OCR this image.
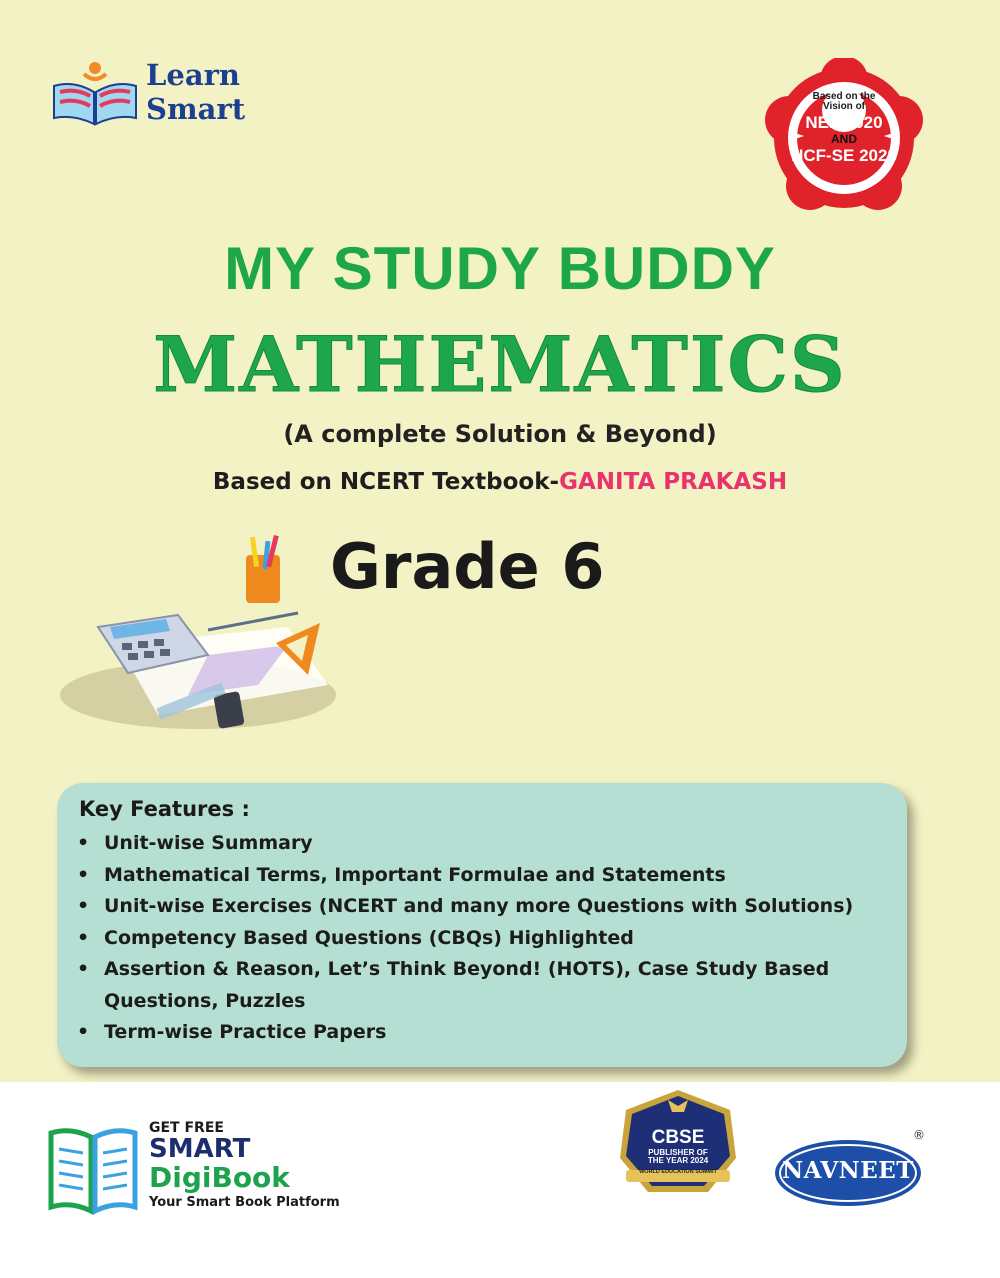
Learn
Smart	Based on the
Vision of
NEP 2020
AND
NCF-SE 2023
MY STUDY BUDDY
MATHEMATICS
(A complete Solution & Beyond)
Based on NCERT Textbook-GANITA PRAKASH
Grade 6
Key Features :
• Unit-wise Summary
• Mathematical Terms, Important Formulae and Statements
• Unit-wise Exercises (NCERT and many more Questions with Solutions)
• Competency Based Questions (CBQs) Highlighted
• Assertion & Reason, Let’s Think Beyond! (HOTS), Case Study Based Questions, Puzzles
• Term-wise Practice Papers
GET FREE
SMART
DigiBook
Your Smart Book Platform
CBSE
PUBLISHER OF
THE YEAR 2024
WORLD EDUCATION SUMMIT	NAVNEET
®
